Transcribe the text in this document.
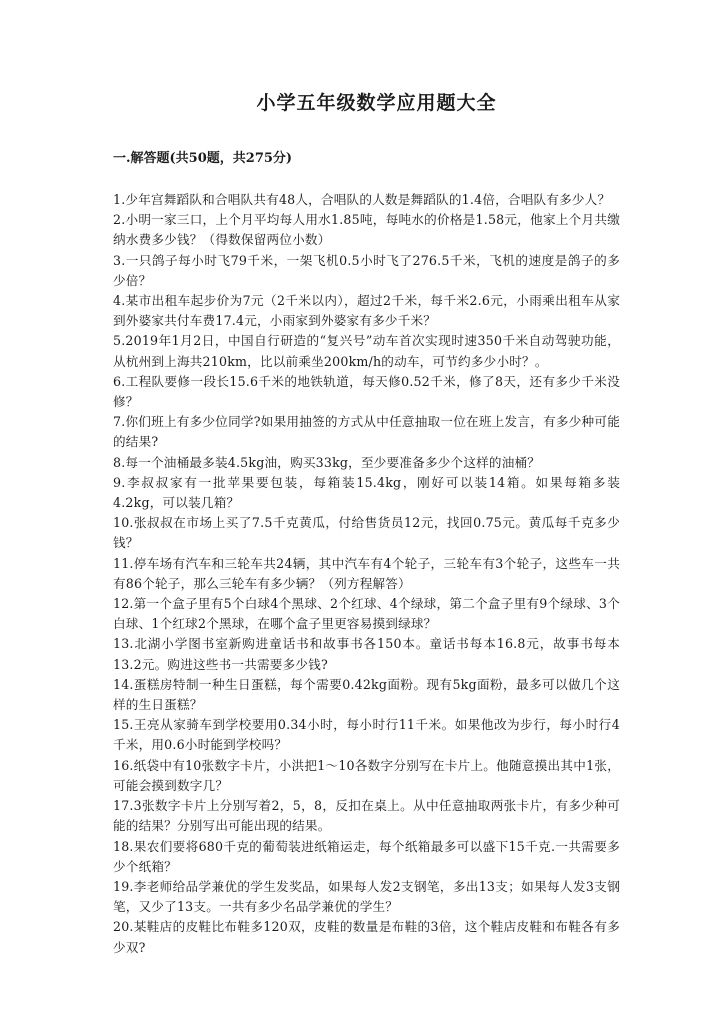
小学五年级数学应用题大全
一.解答题(共50题，共275分)
1.少年宫舞蹈队和合唱队共有48人，合唱队的人数是舞蹈队的1.4倍，合唱队有多少人？
2.小明一家三口，上个月平均每人用水1.85吨，每吨水的价格是1.58元，他家上个月共缴纳水费多少钱？（得数保留两位小数）
3.一只鸽子每小时飞79千米，一架飞机0.5小时飞了276.5千米，飞机的速度是鸽子的多少倍？
4.某市出租车起步价为7元（2千米以内），超过2千米，每千米2.6元，小雨乘出租车从家到外婆家共付车费17.4元，小雨家到外婆家有多少千米？
5.2019年1月2日，中国自行研造的“复兴号”动车首次实现时速350千米自动驾驶功能，从杭州到上海共210km，比以前乘坐200km/h的动车，可节约多少小时？。
6.工程队要修一段长15.6千米的地铁轨道，每天修0.52千米，修了8天，还有多少千米没修？
7.你们班上有多少位同学?如果用抽签的方式从中任意抽取一位在班上发言，有多少种可能的结果?
8.每一个油桶最多装4.5kg油，购买33kg，至少要准备多少个这样的油桶？
9.李叔叔家有一批苹果要包装，每箱装15.4kg，刚好可以装14箱。如果每箱多装4.2kg，可以装几箱？
10.张叔叔在市场上买了7.5千克黄瓜，付给售货员12元，找回0.75元。黄瓜每千克多少钱？
11.停车场有汽车和三轮车共24辆，其中汽车有4个轮子，三轮车有3个轮子，这些车一共有86个轮子，那么三轮车有多少辆？（列方程解答）
12.第一个盒子里有5个白球4个黑球、2个红球、4个绿球，第二个盒子里有9个绿球、3个白球、1个红球2个黑球，在哪个盒子里更容易摸到绿球？
13.北湖小学图书室新购进童话书和故事书各150本。童话书每本16.8元，故事书每本13.2元。购进这些书一共需要多少钱?
14.蛋糕房特制一种生日蛋糕，每个需要0.42kg面粉。现有5kg面粉，最多可以做几个这样的生日蛋糕？
15.王亮从家骑车到学校要用0.34小时，每小时行11千米。如果他改为步行，每小时行4千米，用0.6小时能到学校吗？
16.纸袋中有10张数字卡片，小洪把1～10各数字分别写在卡片上。他随意摸出其中1张，可能会摸到数字几？
17.3张数字卡片上分别写着2，5，8，反扣在桌上。从中任意抽取两张卡片，有多少种可能的结果？分别写出可能出现的结果。
18.果农们要将680千克的葡萄装进纸箱运走，每个纸箱最多可以盛下15千克.一共需要多少个纸箱？
19.李老师给品学兼优的学生发奖品，如果每人发2支钢笔，多出13支；如果每人发3支钢笔，又少了13支。一共有多少名品学兼优的学生？
20.某鞋店的皮鞋比布鞋多120双，皮鞋的数量是布鞋的3倍，这个鞋店皮鞋和布鞋各有多少双?
